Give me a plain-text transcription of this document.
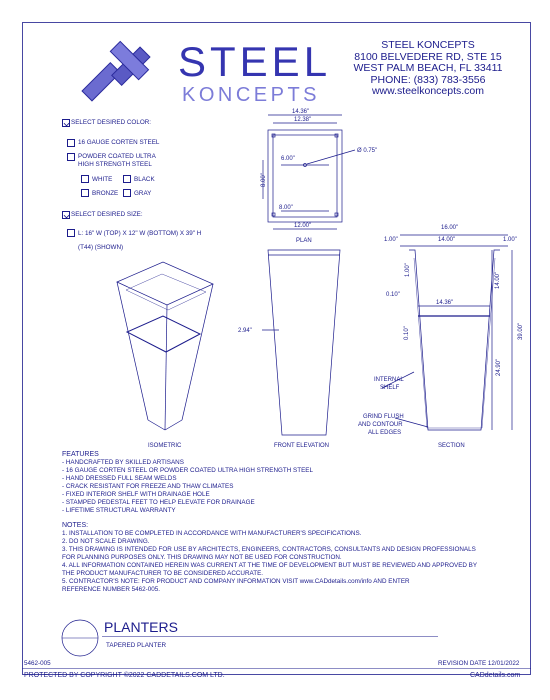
STEEL
KONCEPTS
STEEL KONCEPTS
8100 BELVEDERE RD, STE 15
WEST PALM BEACH, FL 33411
PHONE: (833) 783-3556
www.steelkoncepts.com
SELECT DESIRED COLOR:
16 GAUGE CORTEN STEEL
POWDER COATED ULTRA
HIGH STRENGTH STEEL
WHITE	BLACK
BRONZE	GRAY
SELECT DESIRED SIZE:
L: 16" W (TOP) X 12" W (BOTTOM) X 39" H
(T44) (SHOWN)
14.36"
12.38"
6.00"
Ø 0.75"
8.00"
8.00"
12.00"
PLAN
16.00"
1.00"	14.00"	1.00"
1.00"
14.00"
0.10"
14.36"
39.00"
0.10"
24.90"
INTERNAL
SHELF
GRIND FLUSH
AND CONTOUR
ALL EDGES
SECTION
2.94"
FRONT ELEVATION
ISOMETRIC
FEATURES
- HANDCRAFTED BY SKILLED ARTISANS
- 16 GAUGE CORTEN STEEL OR POWDER COATED ULTRA HIGH STRENGTH STEEL
- HAND DRESSED FULL SEAM WELDS
- CRACK RESISTANT FOR FREEZE AND THAW CLIMATES
- FIXED INTERIOR SHELF WITH DRAINAGE HOLE
- STAMPED PEDESTAL FEET TO HELP ELEVATE FOR DRAINAGE
- LIFETIME STRUCTURAL WARRANTY
NOTES:
1. INSTALLATION TO BE COMPLETED IN ACCORDANCE WITH MANUFACTURER'S SPECIFICATIONS.
2. DO NOT SCALE DRAWING.
3. THIS DRAWING IS INTENDED FOR USE BY ARCHITECTS, ENGINEERS, CONTRACTORS, CONSULTANTS AND DESIGN PROFESSIONALS
FOR PLANNING PURPOSES ONLY. THIS DRAWING MAY NOT BE USED FOR CONSTRUCTION.
4. ALL INFORMATION CONTAINED HEREIN WAS CURRENT AT THE TIME OF DEVELOPMENT BUT MUST BE REVIEWED AND APPROVED BY
THE PRODUCT MANUFACTURER TO BE CONSIDERED ACCURATE.
5. CONTRACTOR'S NOTE: FOR PRODUCT AND COMPANY INFORMATION VISIT www.CADdetails.com/info AND ENTER
REFERENCE NUMBER 5462-005.
PLANTERS
TAPERED PLANTER
5462-005	REVISION DATE 12/01/2022
PROTECTED BY COPYRIGHT ©2022 CADDETAILS.COM LTD.	CADdetails.com
